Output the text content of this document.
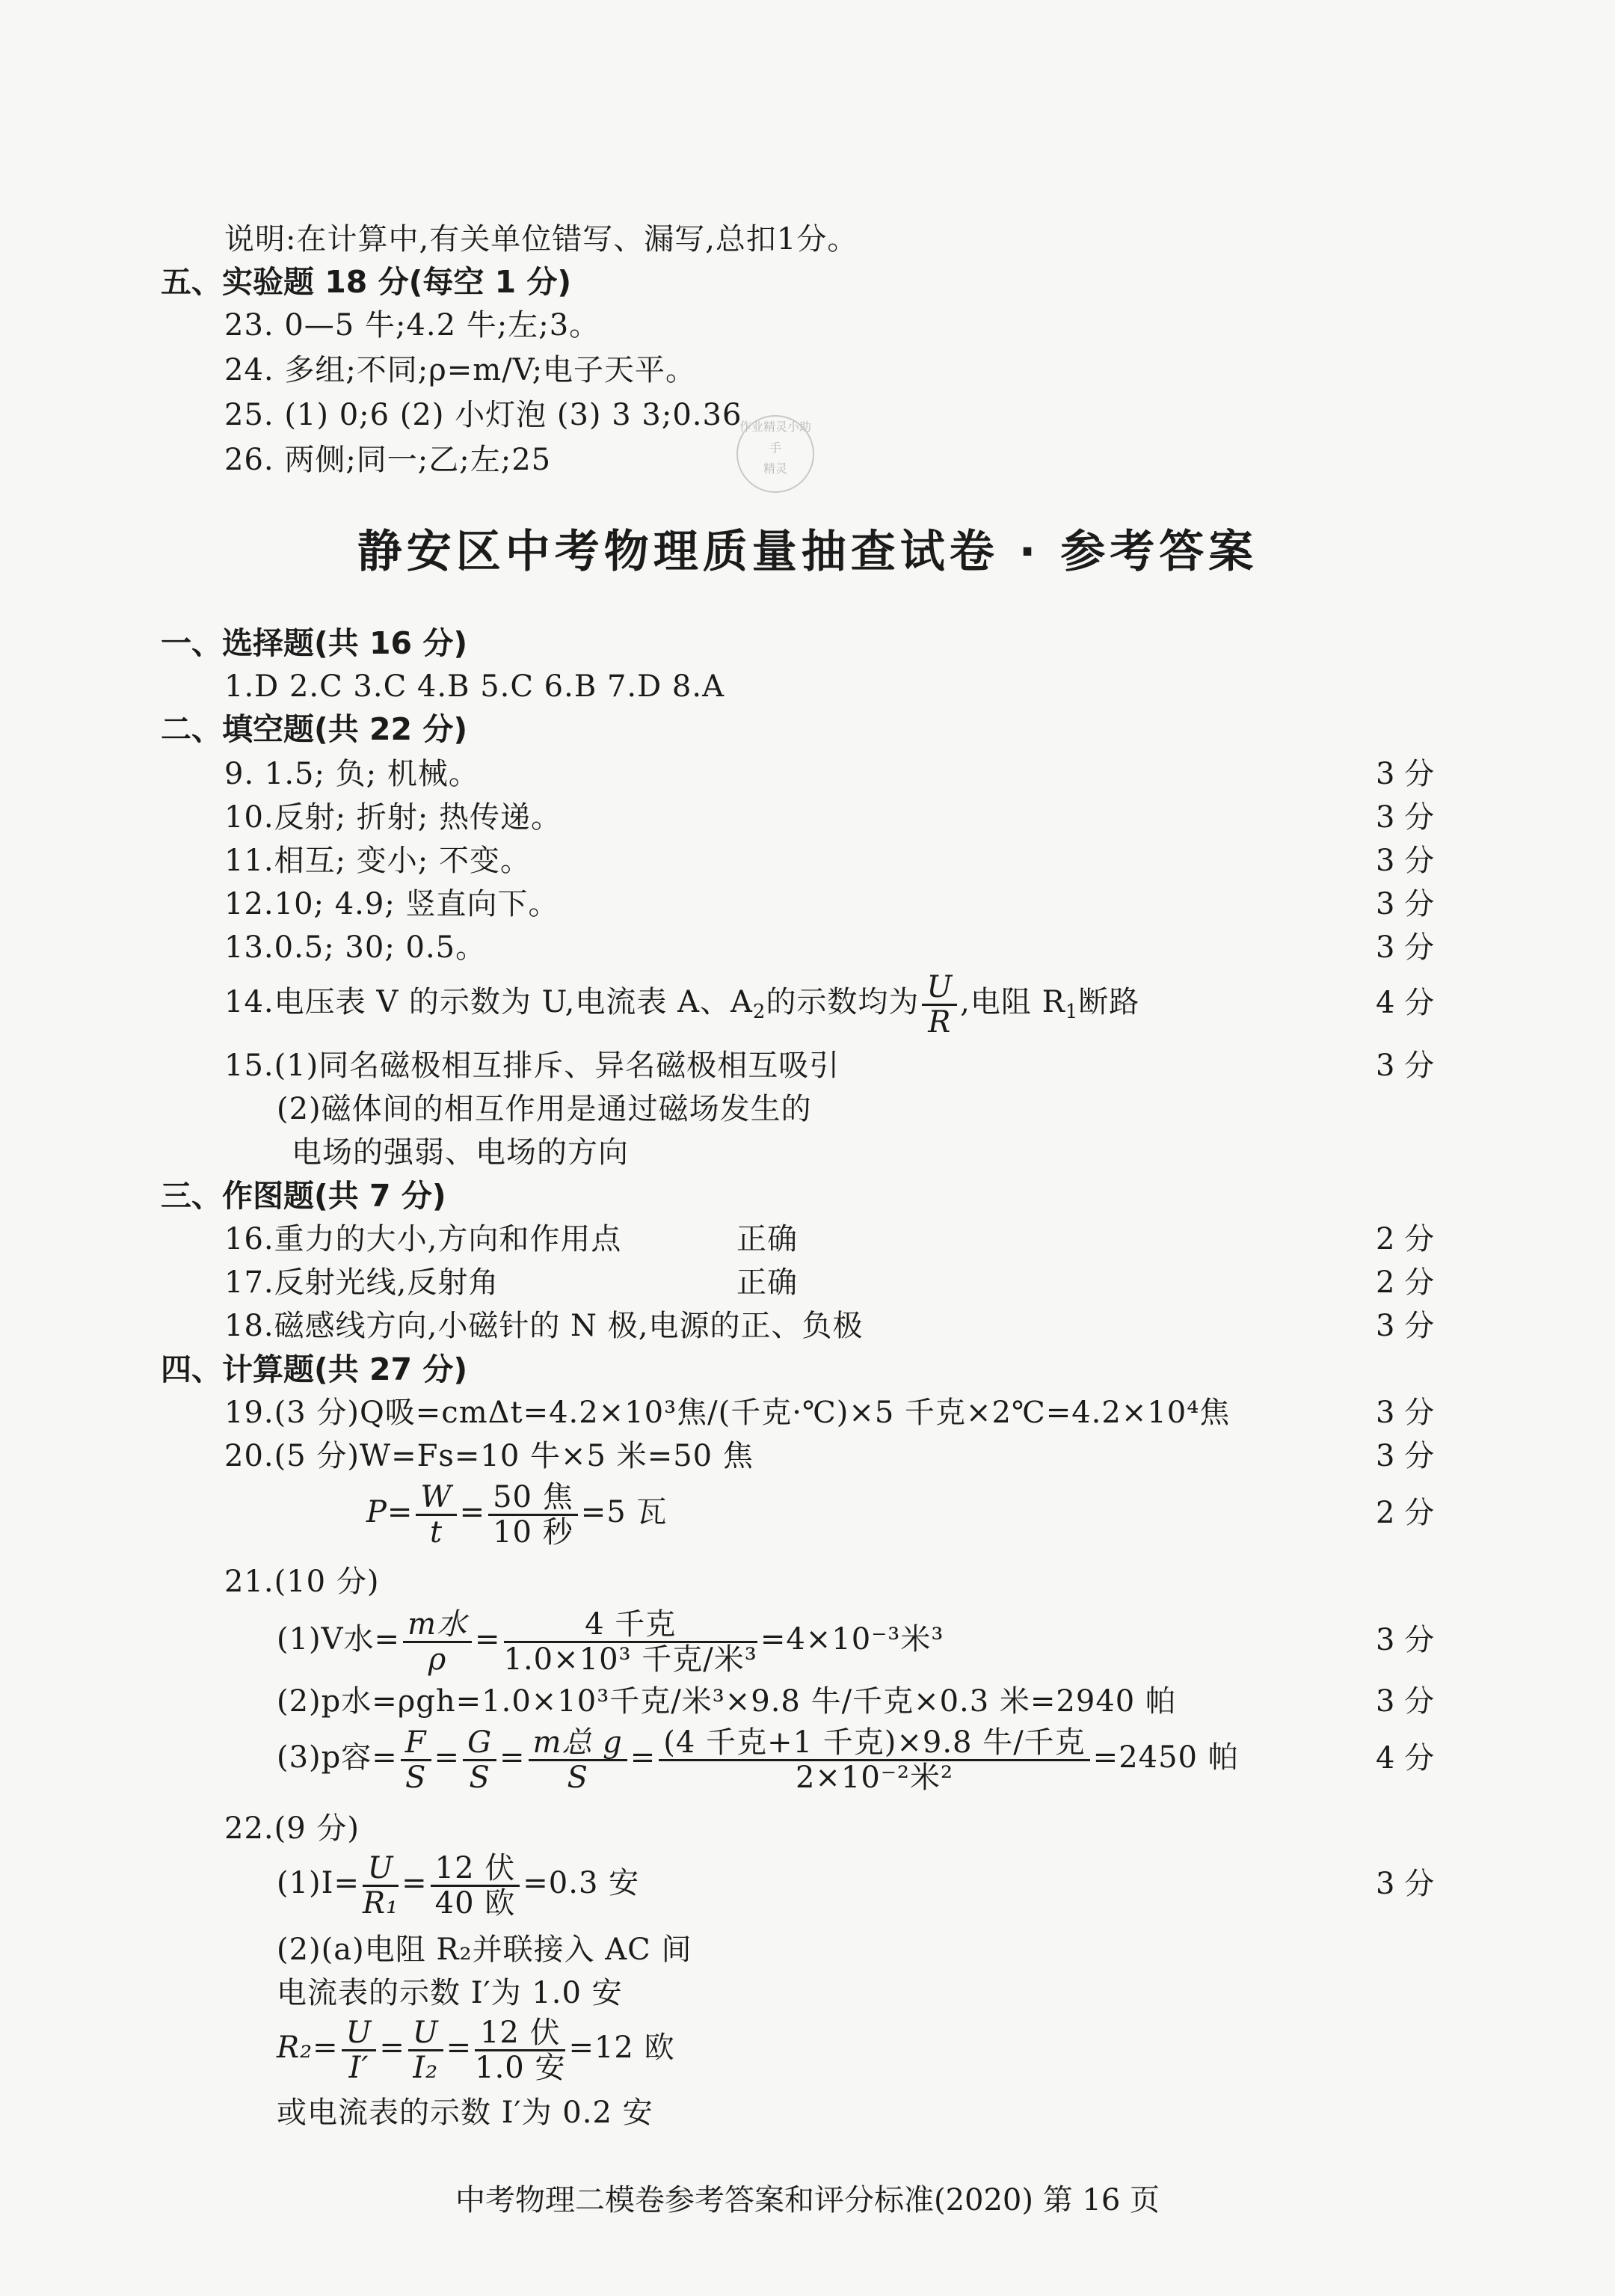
说明:在计算中,有关单位错写、漏写,总扣1分。
五、实验题 18 分(每空 1 分)
23. 0—5 牛;4.2 牛;左;3。
24. 多组;不同;ρ=m/V;电子天平。
25. (1) 0;6 (2) 小灯泡 (3) 3 3;0.36
26. 两侧;同一;乙;左;25
作业精灵小助手
精灵
静安区中考物理质量抽查试卷 · 参考答案
一、选择题(共 16 分)
1.D 2.C 3.C 4.B 5.C 6.B 7.D 8.A
二、填空题(共 22 分)
9. 1.5; 负; 机械。	3 分
10.反射; 折射; 热传递。	3 分
11.相互; 变小; 不变。	3 分
12.10; 4.9; 竖直向下。	3 分
13.0.5; 30; 0.5。	3 分
14.电压表 V 的示数为 U,电流表 A、$A_2$的示数均为 $\frac{U}{R}$ ,电阻 $R_1$断路	4 分
15.(1)同名磁极相互排斥、异名磁极相互吸引	3 分
(2)磁体间的相互作用是通过磁场发生的
电场的强弱、电场的方向
三、作图题(共 7 分)
16.重力的大小,方向和作用点	正确	2 分
17.反射光线,反射角	正确	2 分
18.磁感线方向,小磁针的 N 极,电源的正、负极	3 分
四、计算题(共 27 分)
19.(3 分)Q吸=cmΔt=4.2×10³焦/(千克·℃)×5 千克×2℃=4.2×10⁴焦	3 分
20.(5 分)W=Fs=10 牛×5 米=50 焦	3 分
$P= \frac{W}{t} = \frac{\text{50 焦}}{\text{10 秒}} =5$ 瓦	2 分
21.(10 分)
(1)V水= $\frac{\text{m水}}{\rho} = \frac{\text{4 千克}}{\text{1.0×10³ 千克/米³}} =4\times 10^{-3}$米³	3 分
(2)p水=ρgh=1.0×10³千克/米³×9.8 牛/千克×0.3 米=2940 帕	3 分
(3)p容= $\frac{F}{S} = \frac{G}{S} = \frac{\text{m总 g}}{S} = \frac{\text{(4 千克+1 千克)×9.8 牛/千克}}{\text{2×10⁻²米²}} =2450$ 帕	4 分
22.(9 分)
$(1)I= \frac{U}{\text{R₁}} = \frac{\text{12 伏}}{\text{40 欧}} =0.3$ 安	3 分
(2)(a)电阻 R₂并联接入 AC 间
电流表的示数 I′为 1.0 安
$R_2= \frac{U}{I'} = \frac{U}{\text{I₂}} = \frac{\text{12 伏}}{\text{1.0 安}} =12$ 欧
或电流表的示数 I′为 0.2 安
中考物理二模卷参考答案和评分标准(2020) 第 16 页
